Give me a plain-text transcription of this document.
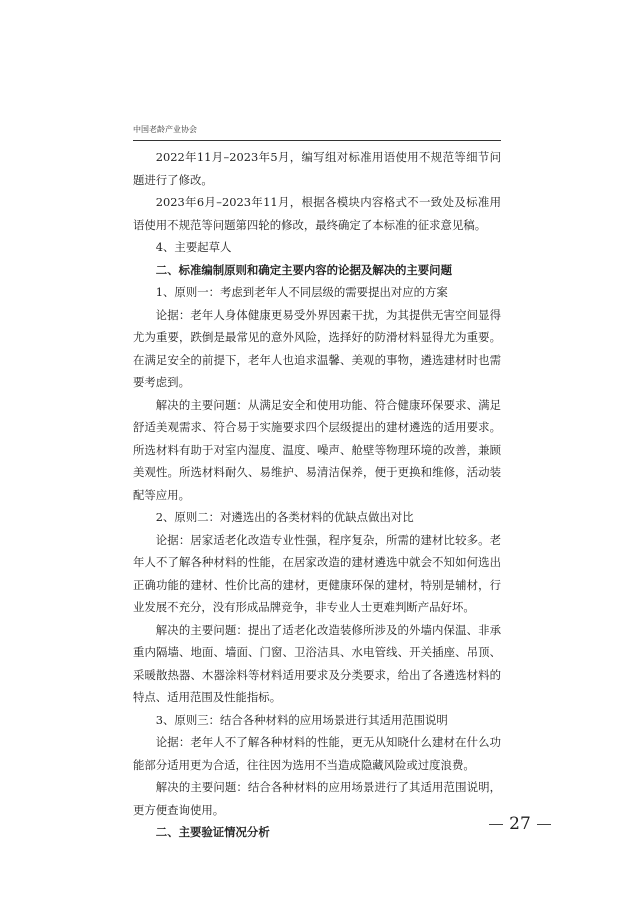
中国老龄产业协会

2022年11月–2023年5月，编写组对标准用语使用不规范等细节问题进行了修改。

2023年6月–2023年11月，根据各模块内容格式不一致处及标准用语使用不规范等问题第四轮的修改，最终确定了本标准的征求意见稿。

4、主要起草人

二、标准编制原则和确定主要内容的论据及解决的主要问题

1、原则一：考虑到老年人不同层级的需要提出对应的方案

论据：老年人身体健康更易受外界因素干扰，为其提供无害空间显得尤为重要，跌倒是最常见的意外风险，选择好的防滑材料显得尤为重要。在满足安全的前提下，老年人也追求温馨、美观的事物，遴选建材时也需要考虑到。

解决的主要问题：从满足安全和使用功能、符合健康环保要求、满足舒适美观需求、符合易于实施要求四个层级提出的建材遴选的适用要求。所选材料有助于对室内湿度、温度、噪声、舱壁等物理环境的改善，兼顾美观性。所选材料耐久、易维护、易清洁保养，便于更换和维修，活动装配等应用。

2、原则二：对遴选出的各类材料的优缺点做出对比

论据：居家适老化改造专业性强，程序复杂，所需的建材比较多。老年人不了解各种材料的性能，在居家改造的建材遴选中就会不知如何选出正确功能的建材、性价比高的建材，更健康环保的建材，特别是辅材，行业发展不充分，没有形成品牌竞争，非专业人士更难判断产品好坏。

解决的主要问题：提出了适老化改造装修所涉及的外墙内保温、非承重内隔墙、地面、墙面、门窗、卫浴洁具、水电管线、开关插座、吊顶、采暖散热器、木器涂料等材料适用要求及分类要求，给出了各遴选材料的特点、适用范围及性能指标。

3、原则三：结合各种材料的应用场景进行其适用范围说明

论据：老年人不了解各种材料的性能，更无从知晓什么建材在什么功能部分适用更为合适，往往因为选用不当造成隐藏风险或过度浪费。

解决的主要问题：结合各种材料的应用场景进行了其适用范围说明，更方便查询使用。

二、主要验证情况分析	27
